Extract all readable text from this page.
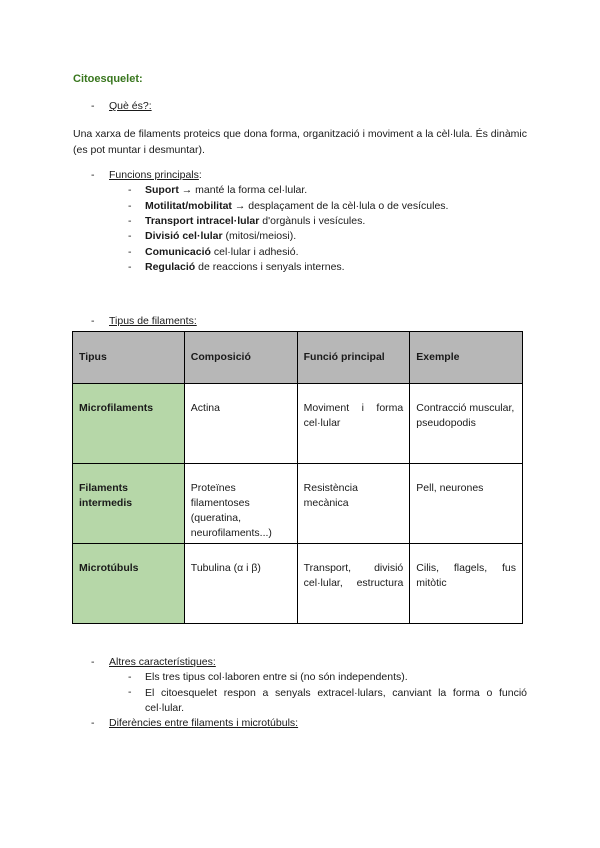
Citoesquelet:
- Què és?:
Una xarxa de filaments proteics que dona forma, organització i moviment a la cèl·lula. És dinàmic (es pot muntar i desmuntar).
- Funcions principals:
- Suport → manté la forma cel·lular.
- Motilitat/mobilitat → desplaçament de la cèl·lula o de vesícules.
- Transport intracel·lular d'orgànuls i vesícules.
- Divisió cel·lular (mitosi/meiosi).
- Comunicació cel·lular i adhesió.
- Regulació de reaccions i senyals internes.
- Tipus de filaments:
Tipus	Composició	Funció principal	Exemple

Microfilaments	Actina	Moviment i forma cel·lular	Contracció muscular, pseudopodis

Filaments intermedis	Proteïnes filamentoses (queratina, neurofilaments...)	Resistència mecànica	Pell, neurones

Microtúbuls	Tubulina (α i β)	Transport, divisió cel·lular, estructura	Cilis, flagels, fus mitòtic
- Altres característiques:
- Els tres tipus col·laboren entre si (no són independents).
- El citoesquelet respon a senyals extracel·lulars, canviant la forma o funció cel·lular.
- Diferències entre filaments i microtúbuls:
